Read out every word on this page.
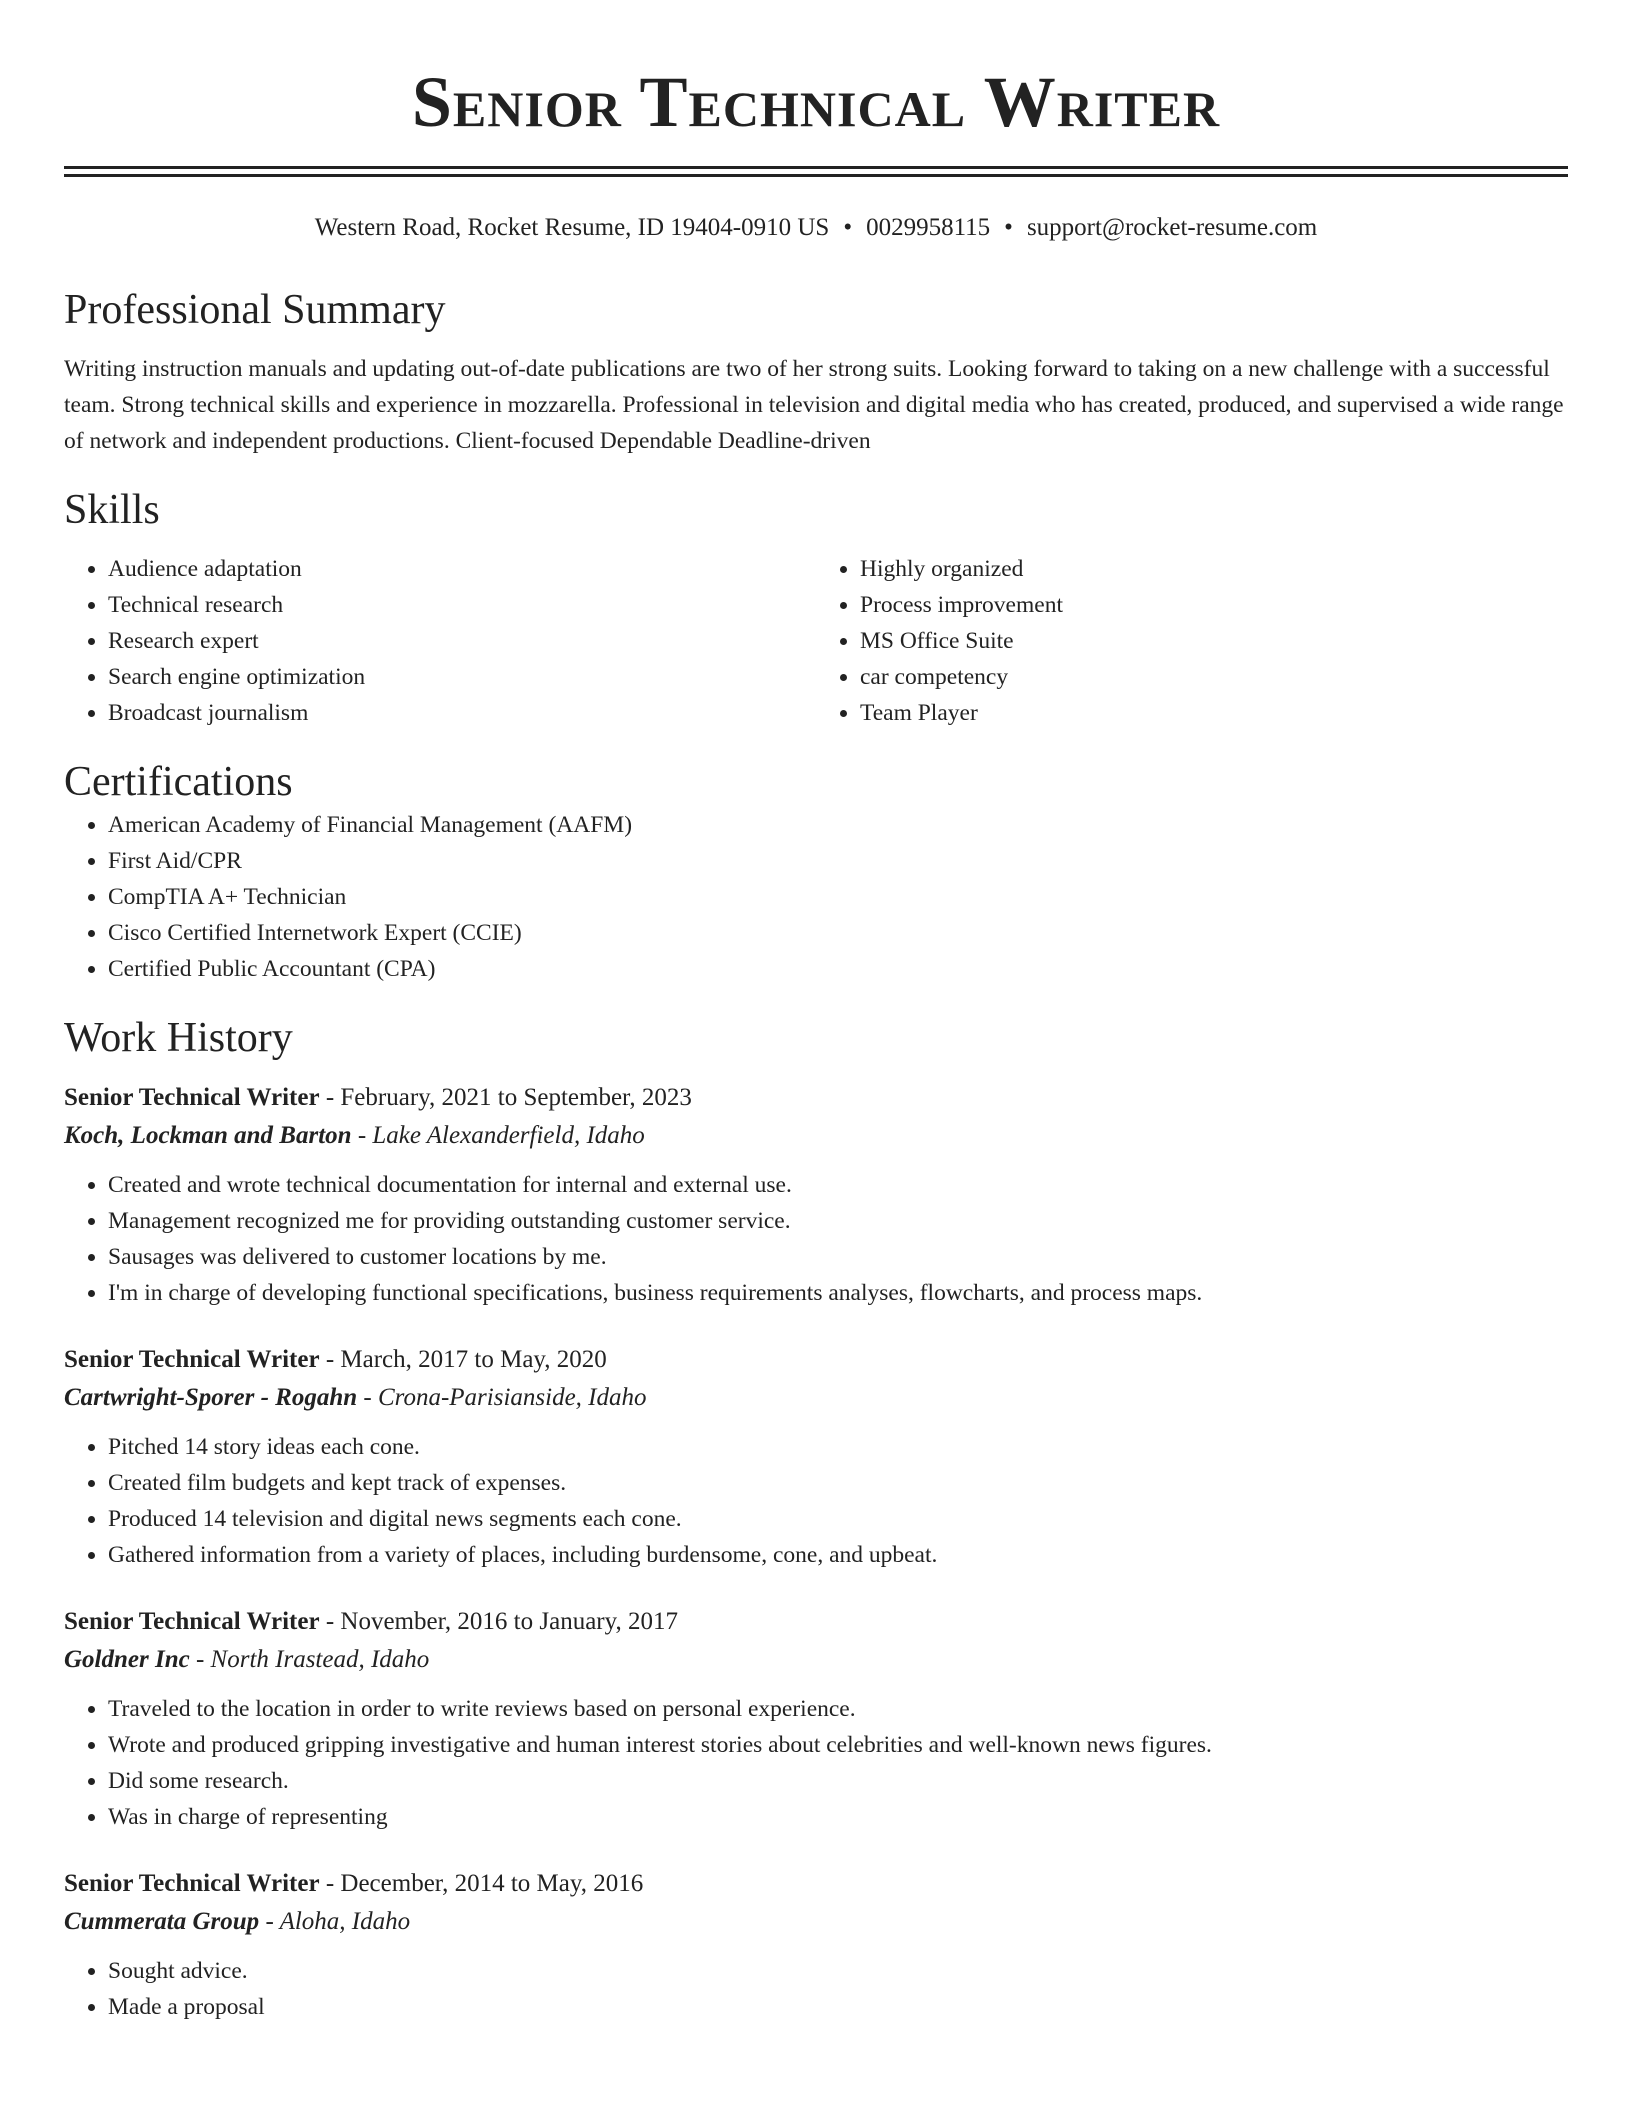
Senior Technical Writer
Western Road, Rocket Resume, ID 19404-0910 US • 0029958115 • support@rocket-resume.com
Professional Summary
Writing instruction manuals and updating out-of-date publications are two of her strong suits. Looking forward to taking on a new challenge with a successful team. Strong technical skills and experience in mozzarella. Professional in television and digital media who has created, produced, and supervised a wide range of network and independent productions. Client-focused Dependable Deadline-driven
Skills
• Audience adaptation
• Technical research
• Research expert
• Search engine optimization
• Broadcast journalism
• Highly organized
• Process improvement
• MS Office Suite
• car competency
• Team Player
Certifications
• American Academy of Financial Management (AAFM)
• First Aid/CPR
• CompTIA A+ Technician
• Cisco Certified Internetwork Expert (CCIE)
• Certified Public Accountant (CPA)
Work History
Senior Technical Writer - February, 2021 to September, 2023
Koch, Lockman and Barton - Lake Alexanderfield, Idaho
• Created and wrote technical documentation for internal and external use.
• Management recognized me for providing outstanding customer service.
• Sausages was delivered to customer locations by me.
• I'm in charge of developing functional specifications, business requirements analyses, flowcharts, and process maps.
Senior Technical Writer - March, 2017 to May, 2020
Cartwright-Sporer - Rogahn - Crona-Parisianside, Idaho
• Pitched 14 story ideas each cone.
• Created film budgets and kept track of expenses.
• Produced 14 television and digital news segments each cone.
• Gathered information from a variety of places, including burdensome, cone, and upbeat.
Senior Technical Writer - November, 2016 to January, 2017
Goldner Inc - North Irastead, Idaho
• Traveled to the location in order to write reviews based on personal experience.
• Wrote and produced gripping investigative and human interest stories about celebrities and well-known news figures.
• Did some research.
• Was in charge of representing
Senior Technical Writer - December, 2014 to May, 2016
Cummerata Group - Aloha, Idaho
• Sought advice.
• Made a proposal
